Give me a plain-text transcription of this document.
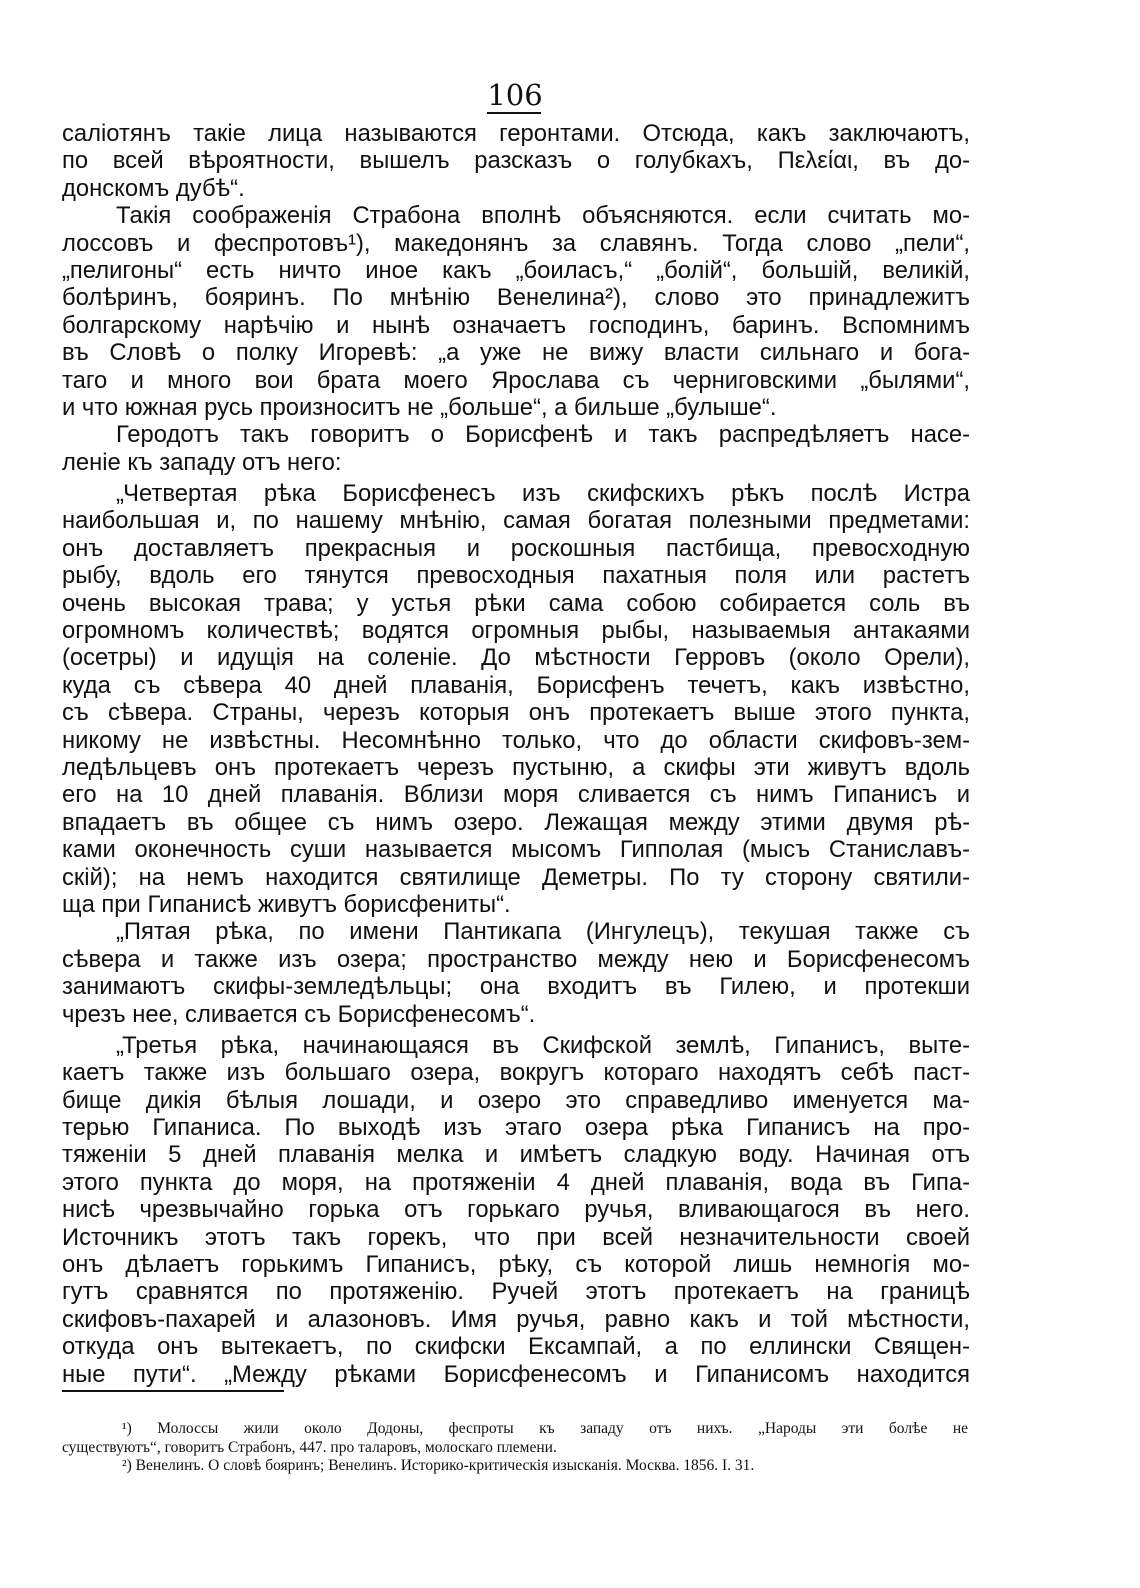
106
саліотянъ такіе лица называются геронтами. Отсюда, какъ заключаютъ,
по всей вѣроятности, вышелъ разсказъ о голубкахъ, Πελείαι, въ до-
донскомъ дубѣ“.
Такія соображенія Страбона вполнѣ объясняются. если считать мо-
лоссовъ и феспротовъ¹), македонянъ за славянъ. Тогда слово „пели“,
„пелигоны“ есть ничто иное какъ „боиласъ,“ „болій“, большій, великій,
болѣринъ, бояринъ. По мнѣнію Венелина²), слово это принадлежитъ
болгарскому нарѣчію и нынѣ означаетъ господинъ, баринъ. Вспомнимъ
въ Словѣ о полку Игоревѣ: „а уже не вижу власти сильнаго и бога-
таго и много вои брата моего Ярослава съ черниговскими „былями“,
и что южная русь произноситъ не „больше“, а бильше „булыше“.
Геродотъ такъ говоритъ о Борисфенѣ и такъ распредѣляетъ насе-
леніе къ западу отъ него:
„Четвертая рѣка Борисфенесъ изъ скифскихъ рѣкъ послѣ Истра
наибольшая и, по нашему мнѣнію, самая богатая полезными предметами:
онъ доставляетъ прекрасныя и роскошныя пастбища, превосходную
рыбу, вдоль его тянутся превосходныя пахатныя поля или растетъ
очень высокая трава; у устья рѣки сама собою собирается соль въ
огромномъ количествѣ; водятся огромныя рыбы, называемыя антакаями
(осетры) и идущія на соленіе. До мѣстности Герровъ (около Орели),
куда съ сѣвера 40 дней плаванія, Борисфенъ течетъ, какъ извѣстно,
съ сѣвера. Страны, черезъ которыя онъ протекаетъ выше этого пункта,
никому не извѣстны. Несомнѣнно только, что до области скифовъ-зем-
ледѣльцевъ онъ протекаетъ черезъ пустыню, а скифы эти живутъ вдоль
его на 10 дней плаванія. Вблизи моря сливается съ нимъ Гипанисъ и
впадаетъ въ общее съ нимъ озеро. Лежащая между этими двумя рѣ-
ками оконечность суши называется мысомъ Гипполая (мысъ Станиславъ-
скій); на немъ находится святилище Деметры. По ту сторону святили-
ща при Гипанисѣ живутъ борисфениты“.
„Пятая рѣка, по имени Пантикапа (Ингулецъ), текушая также съ
сѣвера и также изъ озера; пространство между нею и Борисфенесомъ
занимаютъ скифы-земледѣльцы; она входитъ въ Гилею, и протекши
чрезъ нее, сливается съ Борисфенесомъ“.
„Третья рѣка, начинающаяся въ Скифской землѣ, Гипанисъ, выте-
каетъ также изъ большаго озера, вокругъ котораго находятъ себѣ паст-
бище дикія бѣлыя лошади, и озеро это справедливо именуется ма-
терью Гипаниса. По выходѣ изъ этаго озера рѣка Гипанисъ на про-
тяженіи 5 дней плаванія мелка и имѣетъ сладкую воду. Начиная отъ
этого пункта до моря, на протяженіи 4 дней плаванія, вода въ Гипа-
нисѣ чрезвычайно горька отъ горькаго ручья, вливающагося въ него.
Источникъ этотъ такъ горекъ, что при всей незначительности своей
онъ дѣлаетъ горькимъ Гипанисъ, рѣку, съ которой лишь немногія мо-
гутъ сравнятся по протяженію. Ручей этотъ протекаетъ на границѣ
скифовъ-пахарей и алазоновъ. Имя ручья, равно какъ и той мѣстности,
откуда онъ вытекаетъ, по скифски Ексампай, а по еллински Священ-
ные пути“. „Между рѣками Борисфенесомъ и Гипанисомъ находится
¹) Молоссы жили около Додоны, феспроты къ западу отъ нихъ. „Народы эти болѣе не
существуютъ“, говоритъ Страбонъ, 447. про таларовъ, молоскаго племени.
²) Венелинъ. О словѣ бояринъ; Венелинъ. Историко-критическія изысканія. Москва. 1856. I. 31.
